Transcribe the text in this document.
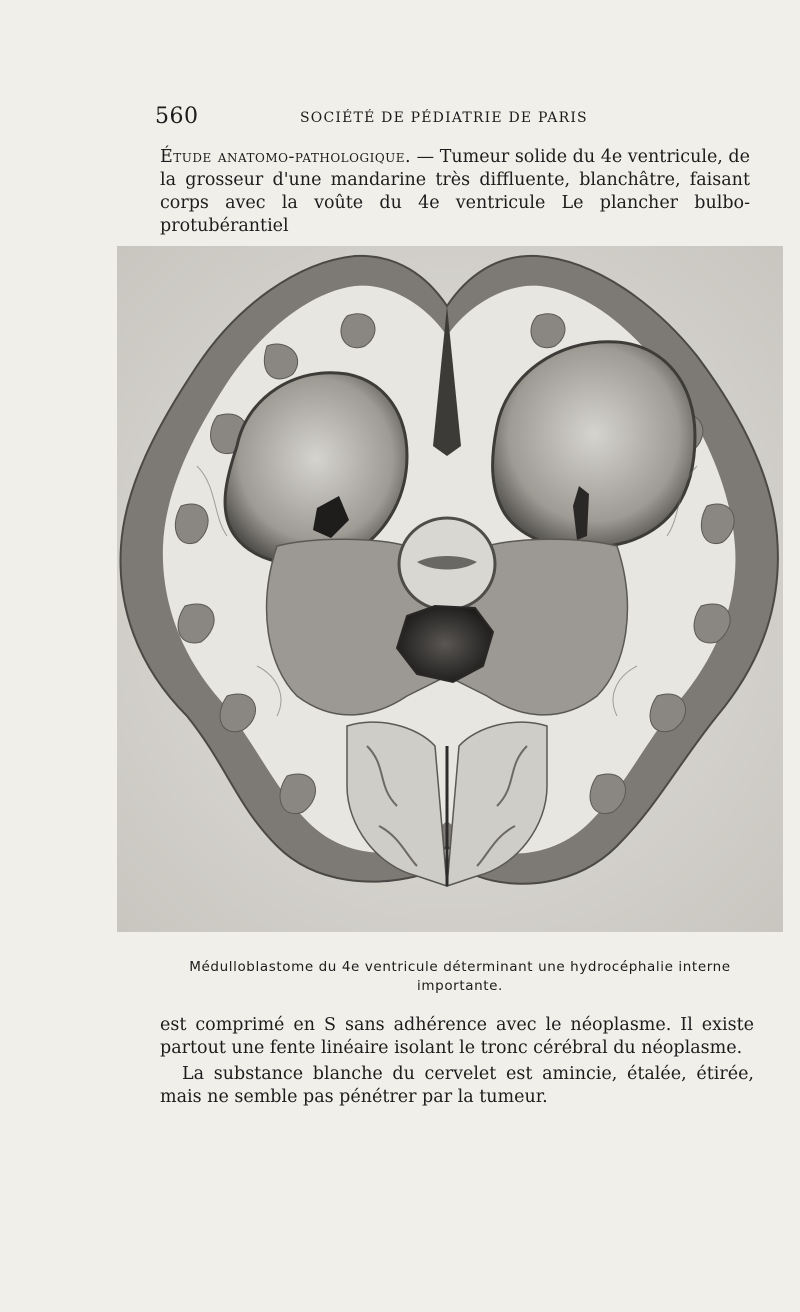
560	SOCIÉTÉ DE PÉDIATRIE DE PARIS
Étude anatomo-pathologique. — Tumeur solide du 4e ventricule, de la grosseur d'une mandarine très diffluente, blanchâtre, faisant corps avec la voûte du 4e ventricule Le plancher bulbo-protubérantiel
Médulloblastome du 4e ventricule déterminant une hydrocéphalie interne
importante.
est comprimé en S sans adhérence avec le néoplasme. Il existe partout une fente linéaire isolant le tronc cérébral du néoplasme.
La substance blanche du cervelet est amincie, étalée, étirée, mais ne semble pas pénétrer par la tumeur.
